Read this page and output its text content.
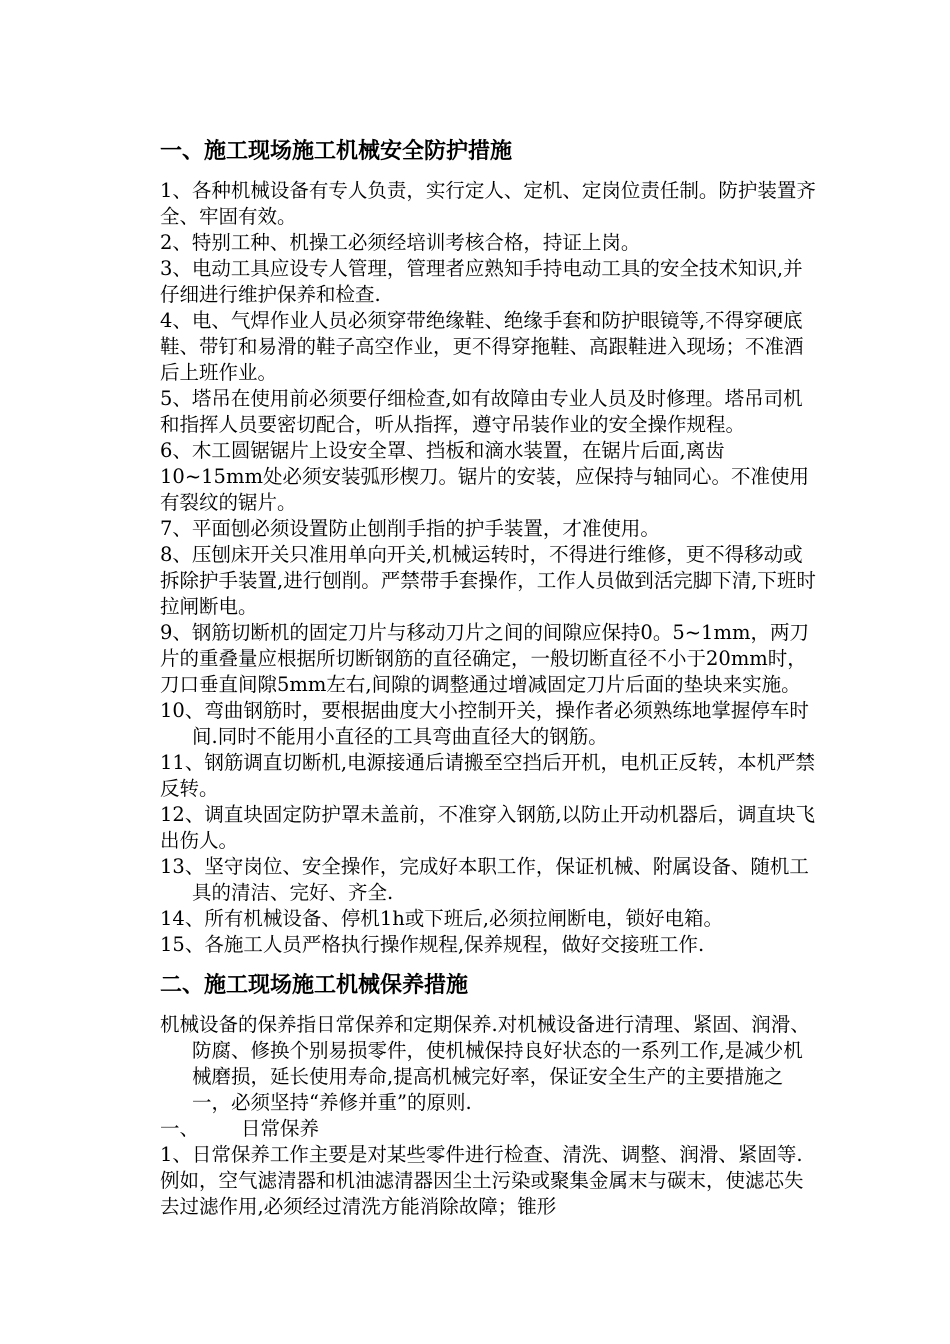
一、施工现场施工机械安全防护措施

1、各种机械设备有专人负责，实行定人、定机、定岗位责任制。防护装置齐全、牢固有效。

2、特别工种、机操工必须经培训考核合格，持证上岗。

3、电动工具应设专人管理，管理者应熟知手持电动工具的安全技术知识,并仔细进行维护保养和检查.

4、电、气焊作业人员必须穿带绝缘鞋、绝缘手套和防护眼镜等,不得穿硬底鞋、带钉和易滑的鞋子高空作业，更不得穿拖鞋、高跟鞋进入现场；不准酒后上班作业。

5、塔吊在使用前必须要仔细检查,如有故障由专业人员及时修理。塔吊司机和指挥人员要密切配合，听从指挥，遵守吊装作业的安全操作规程。

6、木工圆锯锯片上设安全罩、挡板和滴水装置，在锯片后面,离齿10~15mm处必须安装弧形楔刀。锯片的安装，应保持与轴同心。不准使用有裂纹的锯片。

7、平面刨必须设置防止刨削手指的护手装置，才准使用。

8、压刨床开关只准用单向开关,机械运转时，不得进行维修，更不得移动或拆除护手装置,进行刨削。严禁带手套操作，工作人员做到活完脚下清,下班时拉闸断电。

9、钢筋切断机的固定刀片与移动刀片之间的间隙应保持0。5~1mm，两刀片的重叠量应根据所切断钢筋的直径确定，一般切断直径不小于20mm时，刀口垂直间隙5mm左右,间隙的调整通过增减固定刀片后面的垫块来实施。

10、弯曲钢筋时，要根据曲度大小控制开关，操作者必须熟练地掌握停车时间.同时不能用小直径的工具弯曲直径大的钢筋。

11、钢筋调直切断机,电源接通后请搬至空挡后开机，电机正反转，本机严禁反转。

12、调直块固定防护罩未盖前，不准穿入钢筋,以防止开动机器后，调直块飞出伤人。

13、坚守岗位、安全操作，完成好本职工作，保证机械、附属设备、随机工具的清洁、完好、齐全.

14、所有机械设备、停机1h或下班后,必须拉闸断电，锁好电箱。

15、各施工人员严格执行操作规程,保养规程，做好交接班工作.

二、施工现场施工机械保养措施

机械设备的保养指日常保养和定期保养.对机械设备进行清理、紧固、润滑、防腐、修换个别易损零件，使机械保持良好状态的一系列工作,是减少机械磨损，延长使用寿命,提高机械完好率，保证安全生产的主要措施之一，必须坚持“养修并重”的原则.

一、 日常保养

1、日常保养工作主要是对某些零件进行检查、清洗、调整、润滑、紧固等.例如，空气滤清器和机油滤清器因尘土污染或聚集金属末与碳末，使滤芯失去过滤作用,必须经过清洗方能消除故障；锥形
